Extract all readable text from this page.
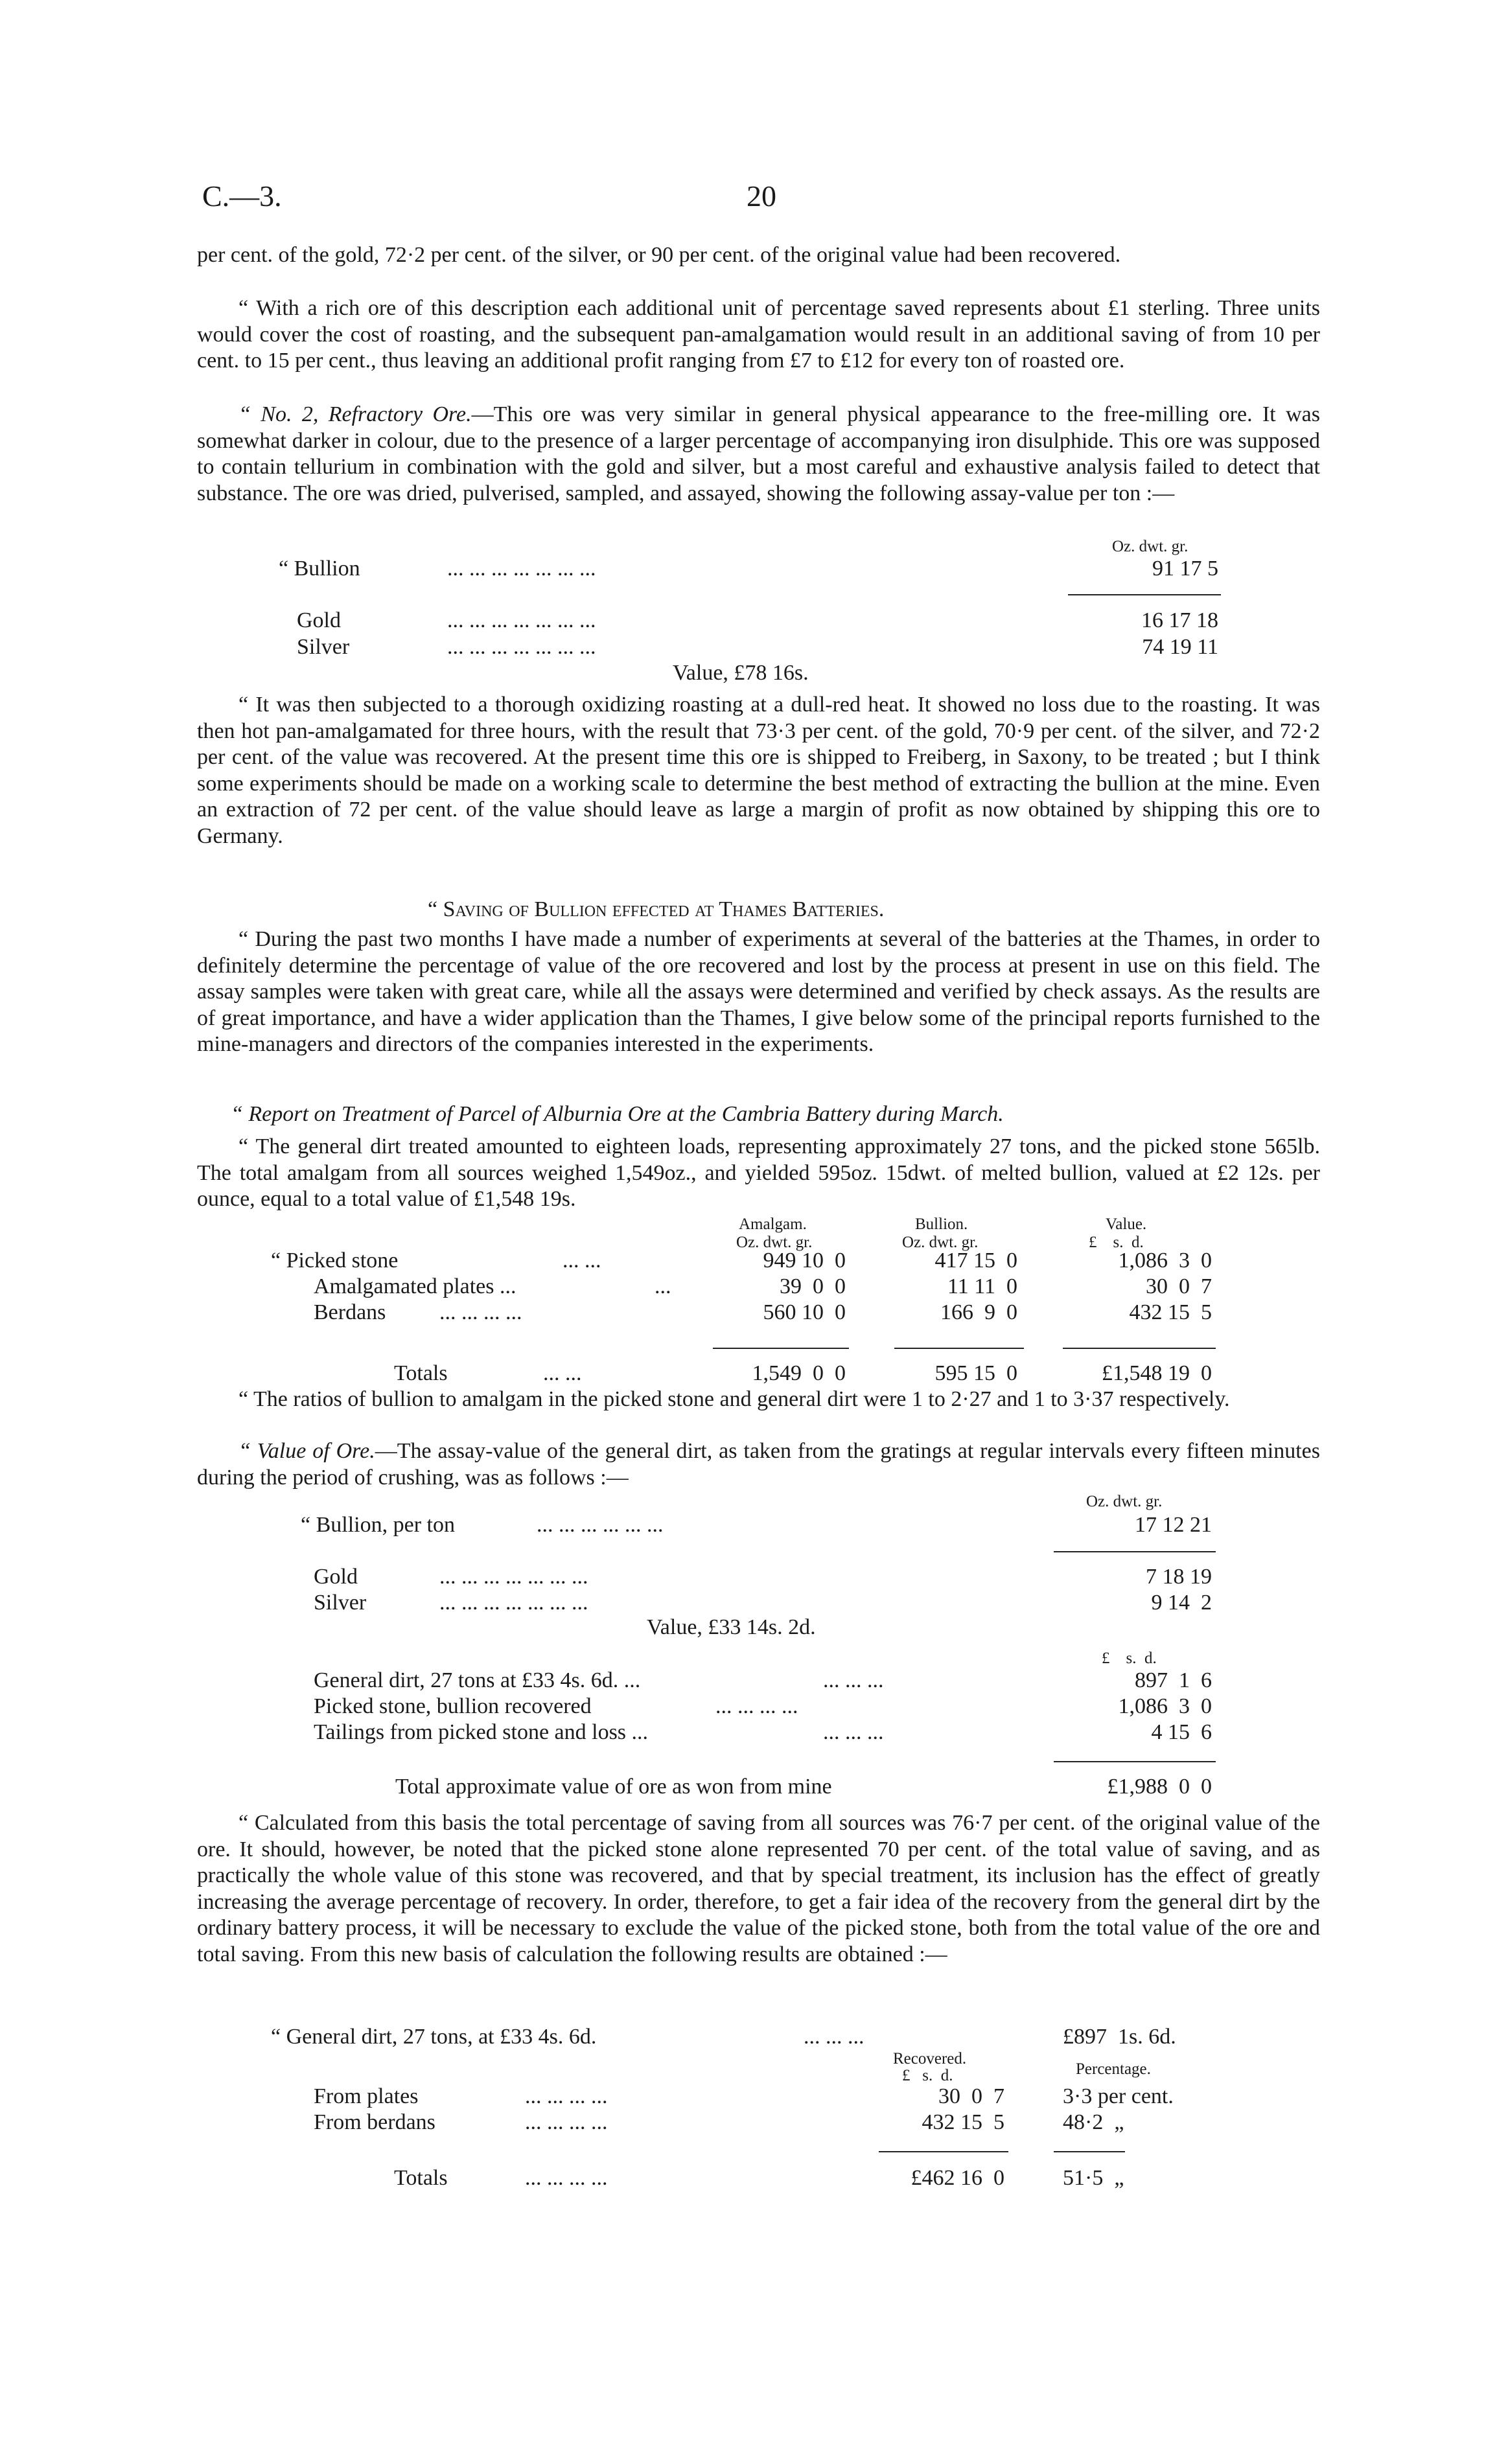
C.—3.	20

per cent. of the gold, 72·2 per cent. of the silver, or 90 per cent. of the original value had been recovered.

“ With a rich ore of this description each additional unit of percentage saved represents about £1 sterling. Three units would cover the cost of roasting, and the subsequent pan-amalgamation would result in an additional saving of from 10 per cent. to 15 per cent., thus leaving an additional profit ranging from £7 to £12 for every ton of roasted ore.

“ No. 2, Refractory Ore.—This ore was very similar in general physical appearance to the free-milling ore. It was somewhat darker in colour, due to the presence of a larger percentage of accompanying iron disulphide. This ore was supposed to contain tellurium in combination with the gold and silver, but a most careful and exhaustive analysis failed to detect that substance. The ore was dried, pulverised, sampled, and assayed, showing the following assay-value per ton :—

Oz. dwt. gr.
“ Bullion	... ... ... ... ... ... ...	91 17 5
Gold	... ... ... ... ... ... ...	16 17 18
Silver	... ... ... ... ... ... ...	74 19 11
Value, £78 16s.

“ It was then subjected to a thorough oxidizing roasting at a dull-red heat. It showed no loss due to the roasting. It was then hot pan-amalgamated for three hours, with the result that 73·3 per cent. of the gold, 70·9 per cent. of the silver, and 72·2 per cent. of the value was recovered. At the present time this ore is shipped to Freiberg, in Saxony, to be treated ; but I think some experiments should be made on a working scale to determine the best method of extracting the bullion at the mine. Even an extraction of 72 per cent. of the value should leave as large a margin of profit as now obtained by shipping this ore to Germany.

“ Saving of Bullion effected at Thames Batteries.

“ During the past two months I have made a number of experiments at several of the batteries at the Thames, in order to definitely determine the percentage of value of the ore recovered and lost by the process at present in use on this field. The assay samples were taken with great care, while all the assays were determined and verified by check assays. As the results are of great importance, and have a wider application than the Thames, I give below some of the principal reports furnished to the mine-managers and directors of the companies interested in the experiments.

“ Report on Treatment of Parcel of Alburnia Ore at the Cambria Battery during March.

“ The general dirt treated amounted to eighteen loads, representing approximately 27 tons, and the picked stone 565lb. The total amalgam from all sources weighed 1,549oz., and yielded 595oz. 15dwt. of melted bullion, valued at £2 12s. per ounce, equal to a total value of £1,548 19s.

Amalgam.	Bullion.	Value.
Oz. dwt. gr.	Oz. dwt. gr.	£    s.  d.
“ Picked stone	... ...	949 10  0	417 15  0	1,086  3  0
Amalgamated plates ...	...	39  0  0	11 11  0	30  0  7
Berdans ... ... ... ...	560 10  0	166  9  0	432 15  5
Totals	... ...	1,549  0  0	595 15  0	£1,548 19  0

“ The ratios of bullion to amalgam in the picked stone and general dirt were 1 to 2·27 and 1 to 3·37 respectively.

“ Value of Ore.—The assay-value of the general dirt, as taken from the gratings at regular intervals every fifteen minutes during the period of crushing, was as follows :—

Oz. dwt. gr.
“ Bullion, per ton	... ... ... ... ... ...	17 12 21
Gold	... ... ... ... ... ... ...	7 18 19
Silver	... ... ... ... ... ... ...	9 14  2
Value, £33 14s. 2d.
£    s.  d.
General dirt, 27 tons at £33 4s. 6d. ...	... ... ...	897  1  6
Picked stone, bullion recovered	... ... ... ...	1,086  3  0
Tailings from picked stone and loss ...	... ... ...	4 15  6
Total approximate value of ore as won from mine	£1,988  0  0

“ Calculated from this basis the total percentage of saving from all sources was 76·7 per cent. of the original value of the ore. It should, however, be noted that the picked stone alone represented 70 per cent. of the total value of saving, and as practically the whole value of this stone was recovered, and that by special treatment, its inclusion has the effect of greatly increasing the average percentage of recovery. In order, therefore, to get a fair idea of the recovery from the general dirt by the ordinary battery process, it will be necessary to exclude the value of the picked stone, both from the total value of the ore and total saving. From this new basis of calculation the following results are obtained :—

“ General dirt, 27 tons, at £33 4s. 6d.	... ... ...	£897  1s. 6d.
Recovered.
Percentage.
£   s.  d.
From plates	... ... ... ...	30  0  7	3·3 per cent.
From berdans	... ... ... ...	432 15  5	48·2  „
Totals	... ... ... ...	£462 16  0	51·5  „
